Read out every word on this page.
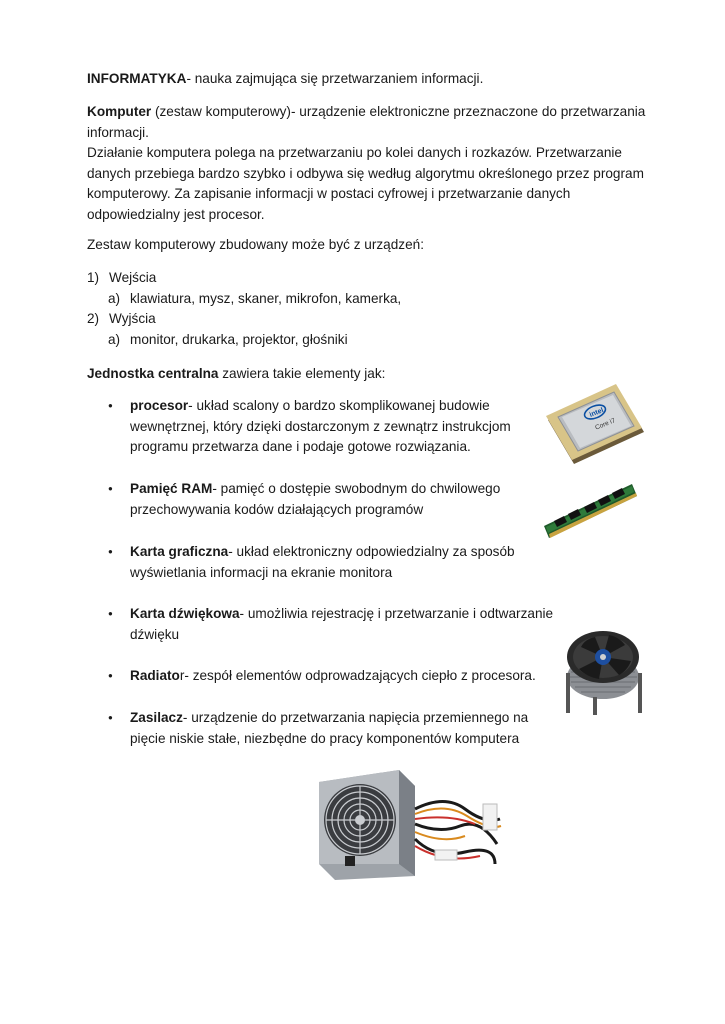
INFORMATYKA- nauka zajmująca się przetwarzaniem informacji.

Komputer (zestaw komputerowy)- urządzenie elektroniczne przeznaczone do przetwarzania
informacji.
Działanie komputera polega na przetwarzaniu po kolei danych i rozkazów. Przetwarzanie
danych przebiega bardzo szybko i odbywa się według algorytmu określonego przez program
komputerowy. Za zapisanie informacji w postaci cyfrowej i przetwarzanie danych
odpowiedzialny jest procesor.

Zestaw komputerowy zbudowany może być z urządzeń:

1) Wejścia
a) klawiatura, mysz, skaner, mikrofon, kamerka,
2) Wyjścia
a) monitor, drukarka, projektor, głośniki

Jednostka centralna zawiera takie elementy jak:

● procesor- układ scalony o bardzo skomplikowanej budowie
wewnętrznej, który dzięki dostarczonym z zewnątrz instrukcjom
programu przetwarza dane i podaje gotowe rozwiązania.
● Pamięć RAM- pamięć o dostępie swobodnym do chwilowego
przechowywania kodów działających programów
● Karta graficzna- układ elektroniczny odpowiedzialny za sposób
wyświetlania informacji na ekranie monitora
● Karta dźwiękowa- umożliwia rejestrację i przetwarzanie i odtwarzanie
dźwięku
● Radiator- zespół elementów odprowadzających ciepło z procesora.
● Zasilacz- urządzenie do przetwarzania napięcia przemiennego na
pięcie niskie stałe, niezbędne do pracy komponentów komputera
intel
Core i7
